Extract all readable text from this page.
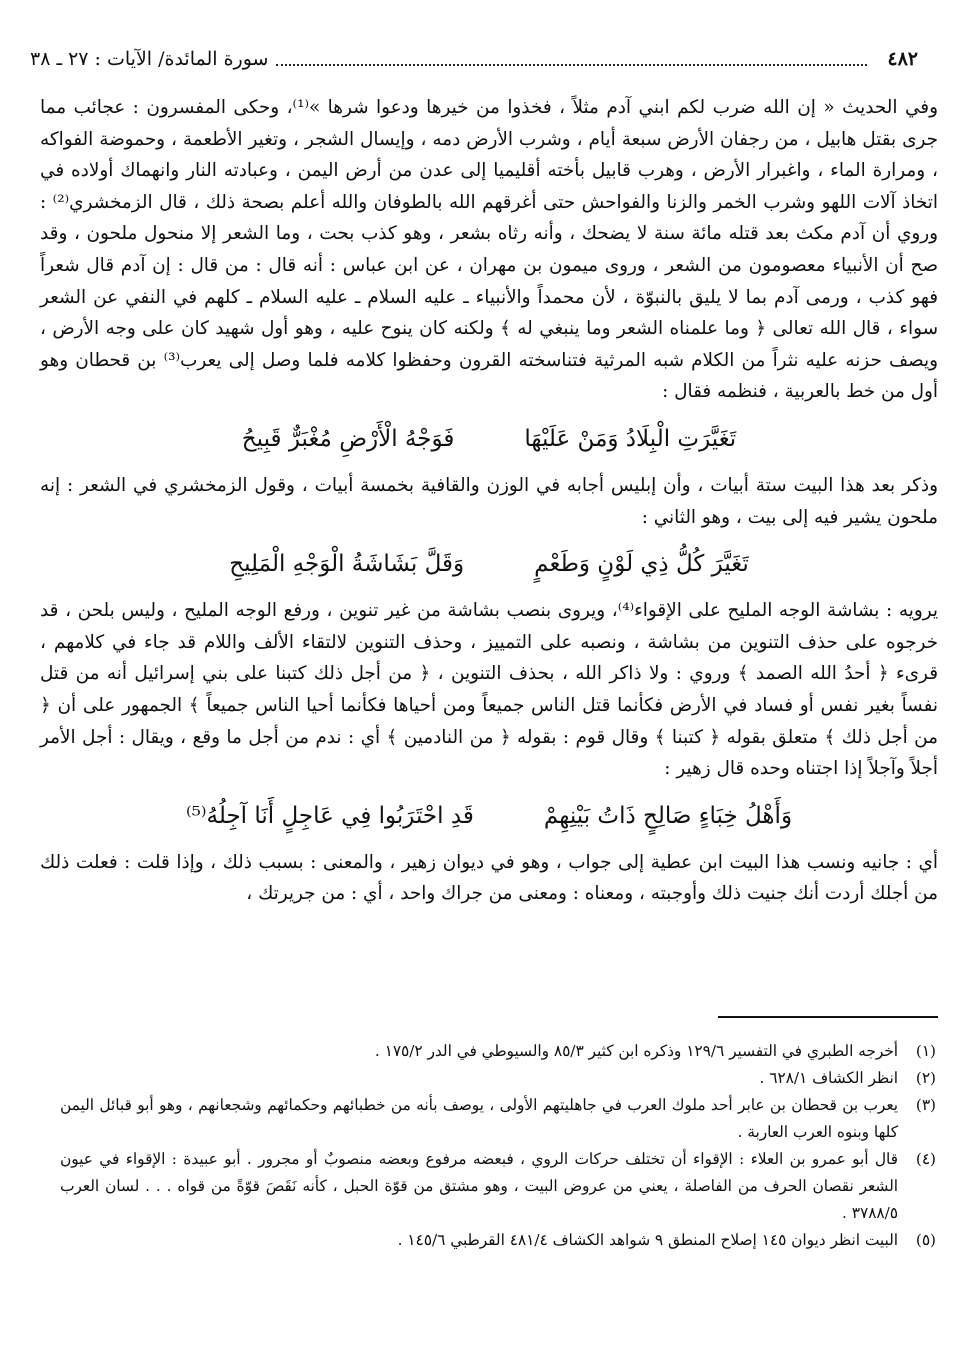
٤٨٢
سورة المائدة/ الآيات : ٢٧ ـ ٣٨

وفي الحديث « إن الله ضرب لكم ابني آدم مثلاً ، فخذوا من خيرها ودعوا شرها »⁽¹⁾، وحكى المفسرون : عجائب مما جرى بقتل هابيل ، من رجفان الأرض سبعة أيام ، وشرب الأرض دمه ، وإيسال الشجر ، وتغير الأطعمة ، وحموضة الفواكه ، ومرارة الماء ، واغبرار الأرض ، وهرب قابيل بأخته أقليميا إلى عدن من أرض اليمن ، وعبادته النار وانهماك أولاده في اتخاذ آلات اللهو وشرب الخمر والزنا والفواحش حتى أغرقهم الله بالطوفان والله أعلم بصحة ذلك ، قال الزمخشري⁽²⁾ : وروي أن آدم مكث بعد قتله مائة سنة لا يضحك ، وأنه رثاه بشعر ، وهو كذب بحت ، وما الشعر إلا منحول ملحون ، وقد صح أن الأنبياء معصومون من الشعر ، وروى ميمون بن مهران ، عن ابن عباس : أنه قال : من قال : إن آدم قال شعراً فهو كذب ، ورمى آدم بما لا يليق بالنبوّة ، لأن محمداً والأنبياء ـ عليه السلام ـ عليه السلام ـ كلهم في النفي عن الشعر سواء ، قال الله تعالى ﴿ وما علمناه الشعر وما ينبغي له ﴾ ولكنه كان ينوح عليه ، وهو أول شهيد كان على وجه الأرض ، ويصف حزنه عليه نثراً من الكلام شبه المرثية فتناسخته القرون وحفظوا كلامه فلما وصل إلى يعرب⁽³⁾ بن قحطان وهو أول من خط بالعربية ، فنظمه فقال :

تَغَيَّرَتِ الْبِلَادُ وَمَنْ عَلَيْهَا
فَوَجْهُ الْأَرْضِ مُغْبَرٌّ قَبِيحُ

وذكر بعد هذا البيت ستة أبيات ، وأن إبليس أجابه في الوزن والقافية بخمسة أبيات ، وقول الزمخشري في الشعر : إنه ملحون يشير فيه إلى بيت ، وهو الثاني :

تَغَيَّرَ كُلُّ ذِي لَوْنٍ وَطَعْمٍ
وَقَلَّ بَشَاشَةُ الْوَجْهِ الْمَلِيحِ

يرويه : بشاشة الوجه المليح على الإقواء⁽⁴⁾، ويروى بنصب بشاشة من غير تنوين ، ورفع الوجه المليح ، وليس بلحن ، قد خرجوه على حذف التنوين من بشاشة ، ونصبه على التمييز ، وحذف التنوين لالتقاء الألف واللام قد جاء في كلامهم ، قرىء ﴿ أحدُ الله الصمد ﴾ وروي : ولا ذاكر الله ، بحذف التنوين ، ﴿ من أجل ذلك كتبنا على بني إسرائيل أنه من قتل نفساً بغير نفس أو فساد في الأرض فكأنما قتل الناس جميعاً ومن أحياها فكأنما أحيا الناس جميعاً ﴾ الجمهور على أن ﴿ من أجل ذلك ﴾ متعلق بقوله ﴿ كتبنا ﴾ وقال قوم : بقوله ﴿ من النادمين ﴾ أي : ندم من أجل ما وقع ، ويقال : أجل الأمر أجلاً وآجلاً إذا اجتناه وحده قال زهير :

وَأَهْلُ خِبَاءٍ صَالِحٍ ذَاتُ بَيْنِهِمْ
قَدِ احْتَرَبُوا فِي عَاجِلٍ أَنَا آجِلُهُ⁽⁵⁾

أي : جانيه ونسب هذا البيت ابن عطية إلى جواب ، وهو في ديوان زهير ، والمعنى : بسبب ذلك ، وإذا قلت : فعلت ذلك من أجلك أردت أنك جنيت ذلك وأوجبته ، ومعناه : ومعنى من جراك واحد ، أي : من جريرتك ،

(١)
أخرجه الطبري في التفسير ١٢٩/٦ وذكره ابن كثير ٨٥/٣ والسيوطي في الدر ١٧٥/٢ .
(٢)
انظر الكشاف ٦٢٨/١ .
(٣)
يعرب بن قحطان بن عابر أحد ملوك العرب في جاهليتهم الأولى ، يوصف بأنه من خطبائهم وحكمائهم وشجعانهم ، وهو أبو قبائل اليمن كلها وبنوه العرب العاربة .
(٤)
قال أبو عمرو بن العلاء : الإقواء أن تختلف حركات الروي ، فبعضه مرفوع وبعضه منصوبٌ أو مجرور . أبو عبيدة : الإقواء في عيون الشعر نقصان الحرف من الفاصلة ، يعني من عروض البيت ، وهو مشتق من قوّة الحبل ، كأنه نَقَصَ قوّةً من قواه . . . لسان العرب ٣٧٨٨/٥ .
(٥)
البيت انظر ديوان ١٤٥ إصلاح المنطق ٩ شواهد الكشاف ٤٨١/٤ القرطبي ١٤٥/٦ .
